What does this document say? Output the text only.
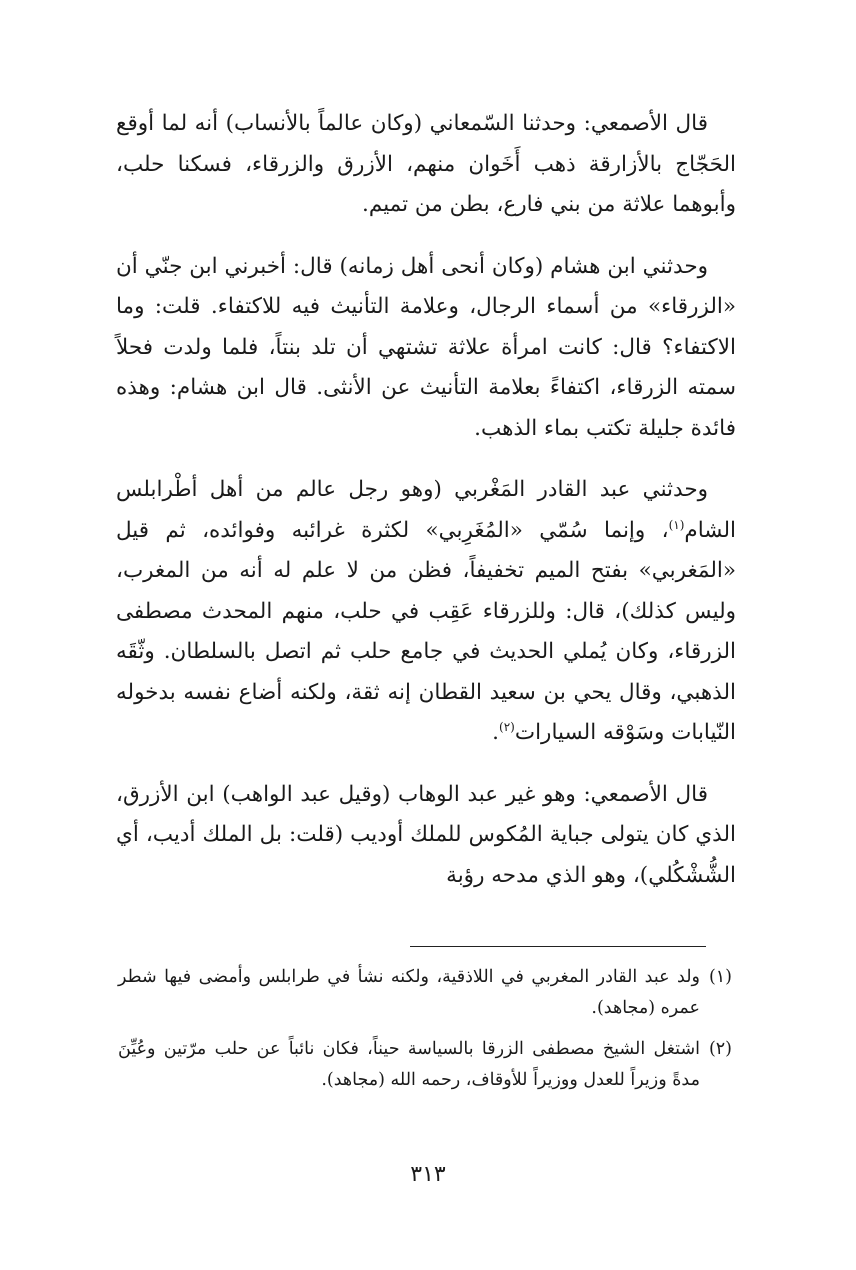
قال الأصمعي: وحدثنا السّمعاني (وكان عالماً بالأنساب) أنه لما أوقع الحَجّاج بالأزارقة ذهب أَخَوان منهم، الأزرق والزرقاء، فسكنا حلب، وأبوهما علاثة من بني فارع، بطن من تميم.

وحدثني ابن هشام (وكان أنحى أهل زمانه) قال: أخبرني ابن جنّي أن «الزرقاء» من أسماء الرجال، وعلامة التأنيث فيه للاكتفاء. قلت: وما الاكتفاء؟ قال: كانت امرأة علاثة تشتهي أن تلد بنتاً، فلما ولدت فحلاً سمته الزرقاء، اكتفاءً بعلامة التأنيث عن الأنثى. قال ابن هشام: وهذه فائدة جليلة تكتب بماء الذهب.

وحدثني عبد القادر المَغْربي (وهو رجل عالم من أهل أطْرابلس الشام$^{(١)}$، وإنما سُمّي «المُغَرِبي» لكثرة غرائبه وفوائده، ثم قيل «المَغربي» بفتح الميم تخفيفاً، فظن من لا علم له أنه من المغرب، وليس كذلك)، قال: وللزرقاء عَقِب في حلب، منهم المحدث مصطفى الزرقاء، وكان يُملي الحديث في جامع حلب ثم اتصل بالسلطان. وثّقَه الذهبي، وقال يحي بن سعيد القطان إنه ثقة، ولكنه أضاع نفسه بدخوله النّيابات وسَوْقه السيارات$^{(٢)}$.

قال الأصمعي: وهو غير عبد الوهاب (وقيل عبد الواهب) ابن الأزرق، الذي كان يتولى جباية المُكوس للملك أوديب (قلت: بل الملك أديب، أي الشُّشْكُلي)، وهو الذي مدحه رؤبة

(١)ولد عبد القادر المغربي في اللاذقية، ولكنه نشأ في طرابلس وأمضى فيها شطر عمره (مجاهد).

(٢)اشتغل الشيخ مصطفى الزرقا بالسياسة حيناً، فكان نائباً عن حلب مرّتين وعُيِّنَ مدةً وزيراً للعدل ووزيراً للأوقاف، رحمه الله (مجاهد).

٣١٣
